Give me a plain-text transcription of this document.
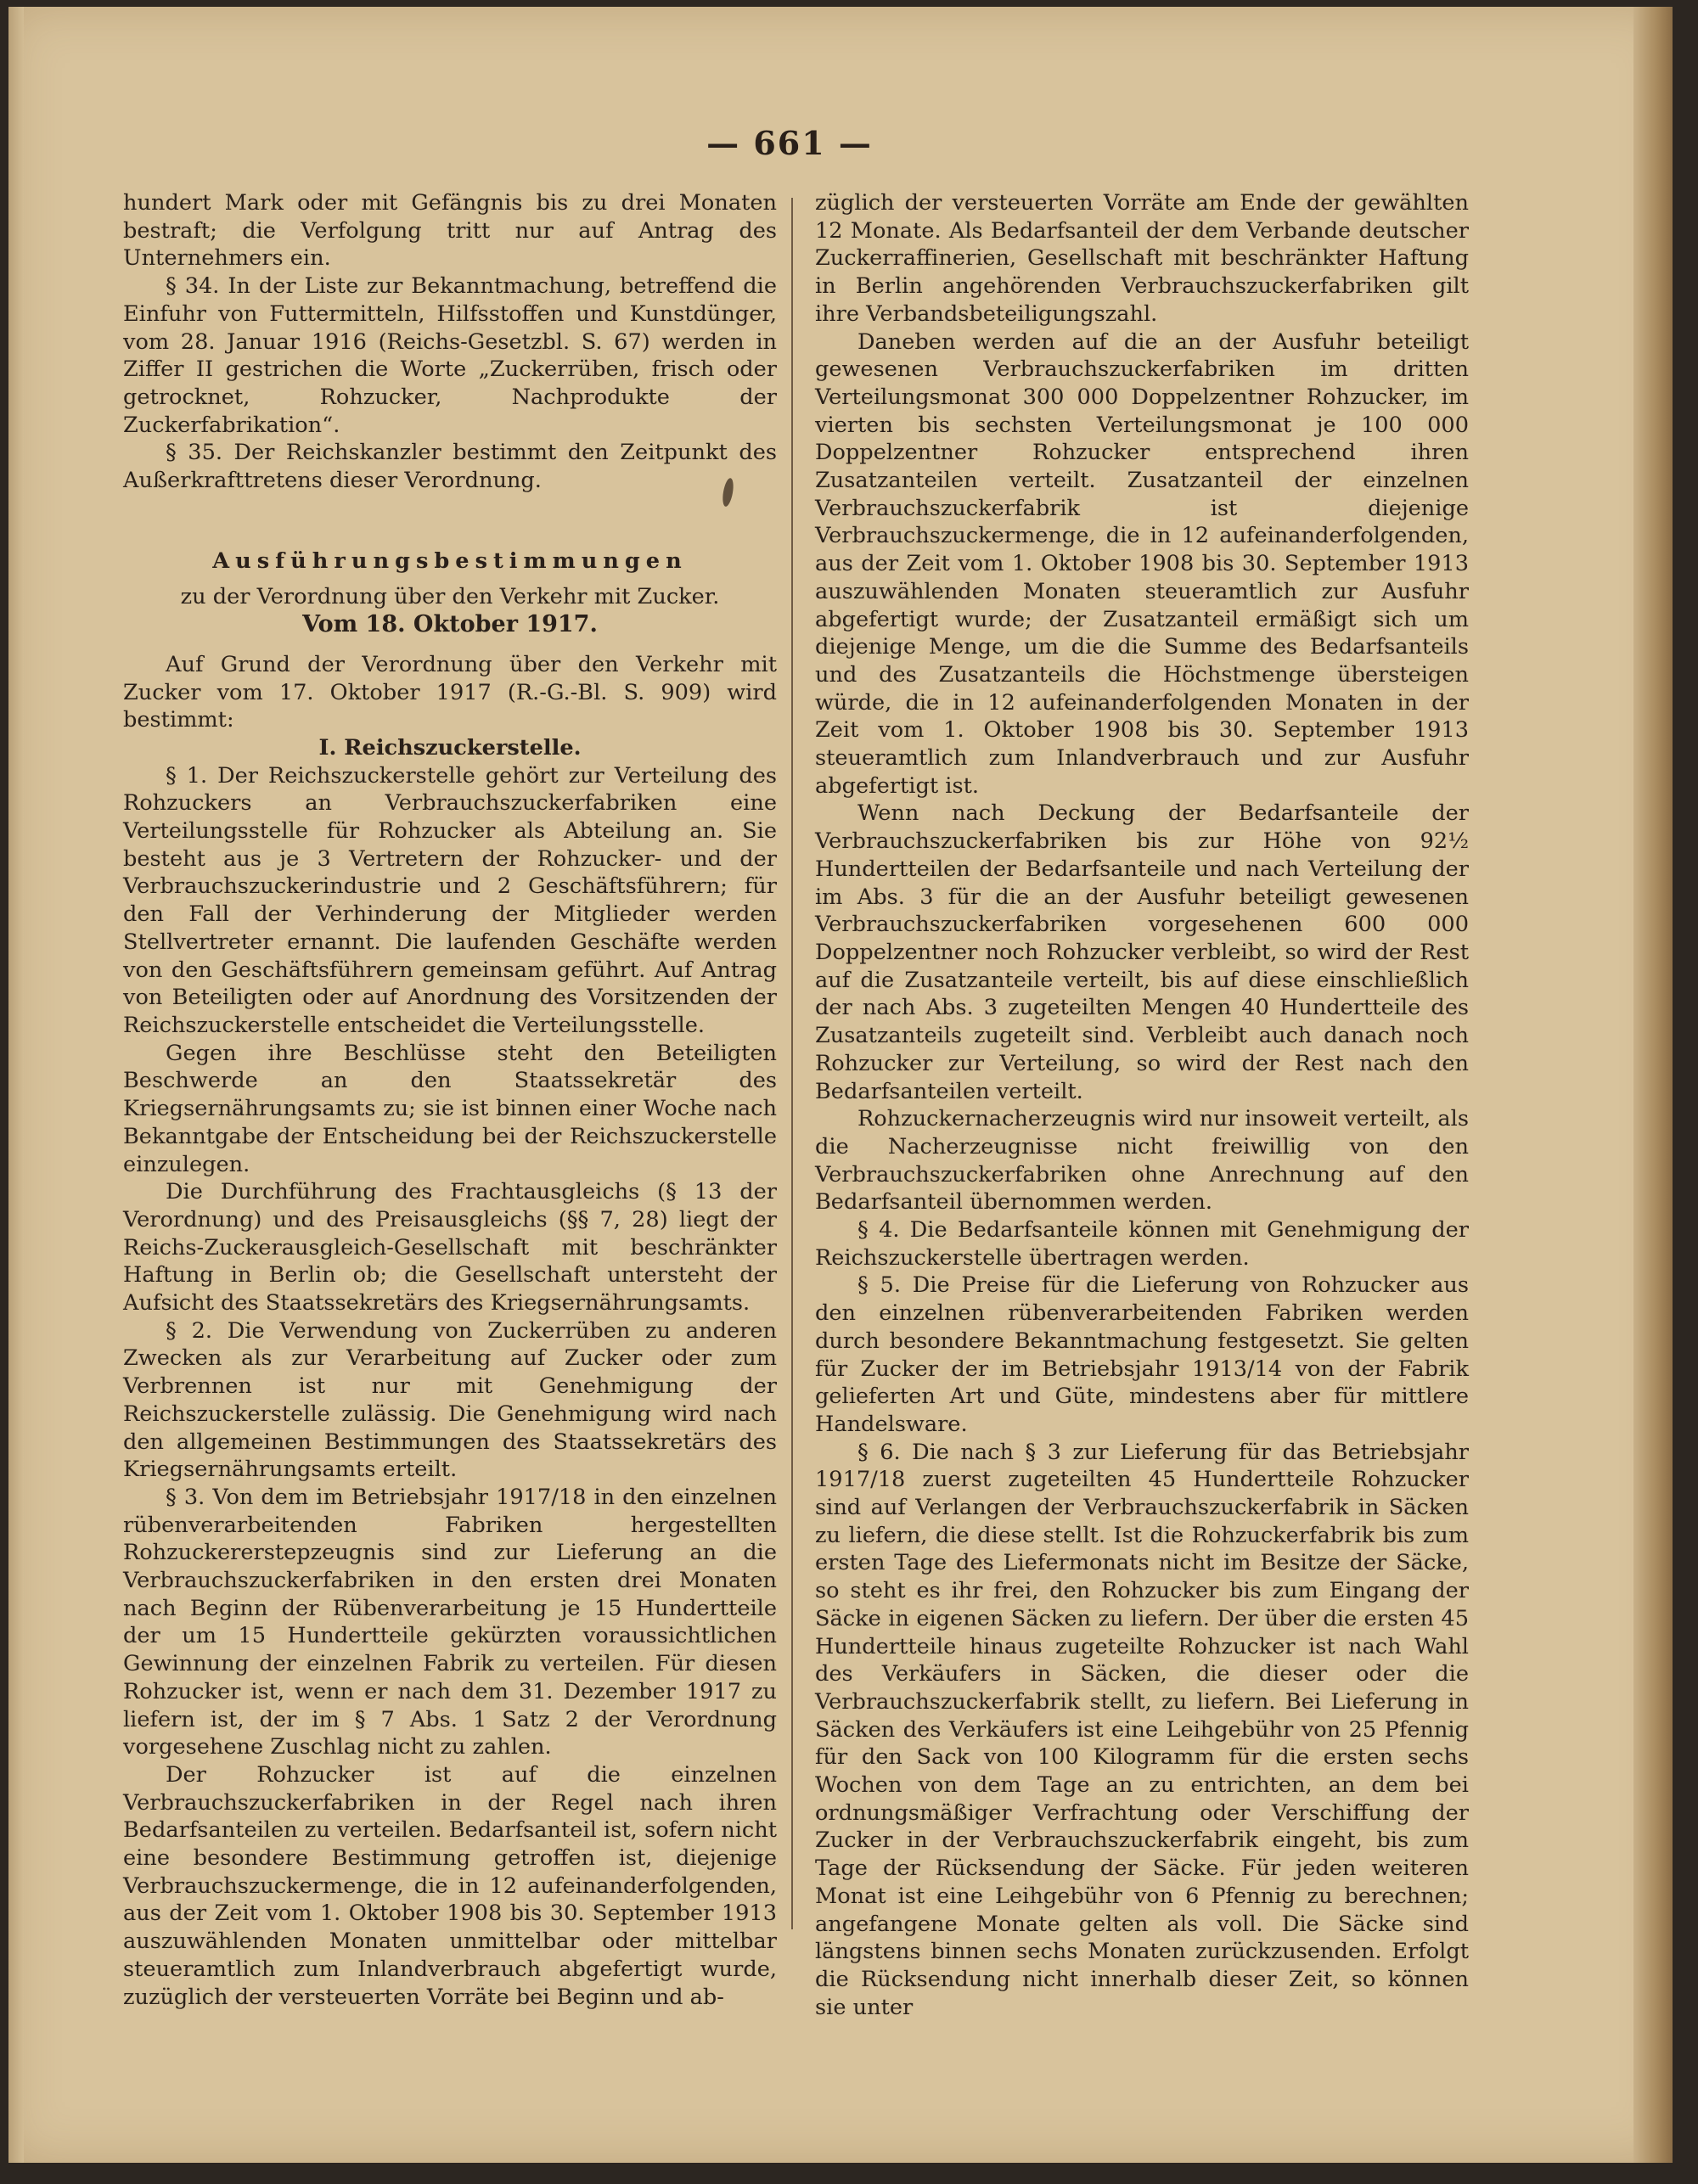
— 661 —

hundert Mark oder mit Gefängnis bis zu drei Monaten bestraft; die Verfolgung tritt nur auf Antrag des Unternehmers ein.

§ 34. In der Liste zur Bekanntmachung, betreffend die Einfuhr von Futtermitteln, Hilfsstoffen und Kunstdünger, vom 28. Januar 1916 (Reichs-Gesetzbl. S. 67) werden in Ziffer II gestrichen die Worte „Zuckerrüben, frisch oder getrocknet, Rohzucker, Nachprodukte der Zuckerfabrikation“.

§ 35. Der Reichskanzler bestimmt den Zeitpunkt des Außerkrafttretens dieser Verordnung.

Ausführungsbestimmungen

zu der Verordnung über den Verkehr mit Zucker.

Vom 18. Oktober 1917.

Auf Grund der Verordnung über den Verkehr mit Zucker vom 17. Oktober 1917 (R.-G.-Bl. S. 909) wird bestimmt:

I. Reichszuckerstelle.

§ 1. Der Reichszuckerstelle gehört zur Verteilung des Rohzuckers an Verbrauchszuckerfabriken eine Verteilungsstelle für Rohzucker als Abteilung an. Sie besteht aus je 3 Vertretern der Rohzucker- und der Verbrauchszuckerindustrie und 2 Geschäftsführern; für den Fall der Verhinderung der Mitglieder werden Stellvertreter ernannt. Die laufenden Geschäfte werden von den Geschäftsführern gemeinsam geführt. Auf Antrag von Beteiligten oder auf Anordnung des Vorsitzenden der Reichszuckerstelle entscheidet die Verteilungsstelle.

Gegen ihre Beschlüsse steht den Beteiligten Beschwerde an den Staatssekretär des Kriegsernährungsamts zu; sie ist binnen einer Woche nach Bekanntgabe der Entscheidung bei der Reichszuckerstelle einzulegen.

Die Durchführung des Frachtausgleichs (§ 13 der Verordnung) und des Preisausgleichs (§§ 7, 28) liegt der Reichs-Zuckerausgleich-Gesellschaft mit beschränkter Haftung in Berlin ob; die Gesellschaft untersteht der Aufsicht des Staatssekretärs des Kriegsernährungsamts.

§ 2. Die Verwendung von Zuckerrüben zu anderen Zwecken als zur Verarbeitung auf Zucker oder zum Verbrennen ist nur mit Genehmigung der Reichszuckerstelle zulässig. Die Genehmigung wird nach den allgemeinen Bestimmungen des Staatssekretärs des Kriegsernährungsamts erteilt.

§ 3. Von dem im Betriebsjahr 1917/18 in den einzelnen rübenverarbeitenden Fabriken hergestellten Rohzuckererstерzeugnis sind zur Lieferung an die Verbrauchszuckerfabriken in den ersten drei Monaten nach Beginn der Rübenverarbeitung je 15 Hundertteile der um 15 Hundertteile gekürzten voraussichtlichen Gewinnung der einzelnen Fabrik zu verteilen. Für diesen Rohzucker ist, wenn er nach dem 31. Dezember 1917 zu liefern ist, der im § 7 Abs. 1 Satz 2 der Verordnung vorgesehene Zuschlag nicht zu zahlen.

Der Rohzucker ist auf die einzelnen Verbrauchszuckerfabriken in der Regel nach ihren Bedarfsanteilen zu verteilen. Bedarfsanteil ist, sofern nicht eine besondere Bestimmung getroffen ist, diejenige Verbrauchszuckermenge, die in 12 aufeinanderfolgenden, aus der Zeit vom 1. Oktober 1908 bis 30. September 1913 auszuwählenden Monaten unmittelbar oder mittelbar steueramtlich zum Inlandverbrauch abgefertigt wurde, zuzüglich der versteuerten Vorräte bei Beginn und ab-

züglich der versteuerten Vorräte am Ende der gewählten 12 Monate. Als Bedarfsanteil der dem Verbande deutscher Zuckerraffinerien, Gesellschaft mit beschränkter Haftung in Berlin angehörenden Verbrauchszuckerfabriken gilt ihre Verbandsbeteiligungszahl.

Daneben werden auf die an der Ausfuhr beteiligt gewesenen Verbrauchszuckerfabriken im dritten Verteilungsmonat 300 000 Doppelzentner Rohzucker, im vierten bis sechsten Verteilungsmonat je 100 000 Doppelzentner Rohzucker entsprechend ihren Zusatzanteilen verteilt. Zusatzanteil der einzelnen Verbrauchszuckerfabrik ist diejenige Verbrauchszuckermenge, die in 12 aufeinanderfolgenden, aus der Zeit vom 1. Oktober 1908 bis 30. September 1913 auszuwählenden Monaten steueramtlich zur Ausfuhr abgefertigt wurde; der Zusatzanteil ermäßigt sich um diejenige Menge, um die die Summe des Bedarfsanteils und des Zusatzanteils die Höchstmenge übersteigen würde, die in 12 aufeinanderfolgenden Monaten in der Zeit vom 1. Oktober 1908 bis 30. September 1913 steueramtlich zum Inlandverbrauch und zur Ausfuhr abgefertigt ist.

Wenn nach Deckung der Bedarfsanteile der Verbrauchszuckerfabriken bis zur Höhe von 92½ Hundertteilen der Bedarfsanteile und nach Verteilung der im Abs. 3 für die an der Ausfuhr beteiligt gewesenen Verbrauchszuckerfabriken vorgesehenen 600 000 Doppelzentner noch Rohzucker verbleibt, so wird der Rest auf die Zusatzanteile verteilt, bis auf diese einschließlich der nach Abs. 3 zugeteilten Mengen 40 Hundertteile des Zusatzanteils zugeteilt sind. Verbleibt auch danach noch Rohzucker zur Verteilung, so wird der Rest nach den Bedarfsanteilen verteilt.

Rohzuckernacherzeugnis wird nur insoweit verteilt, als die Nacherzeugnisse nicht freiwillig von den Verbrauchszuckerfabriken ohne Anrechnung auf den Bedarfsanteil übernommen werden.

§ 4. Die Bedarfsanteile können mit Genehmigung der Reichszuckerstelle übertragen werden.

§ 5. Die Preise für die Lieferung von Rohzucker aus den einzelnen rübenverarbeitenden Fabriken werden durch besondere Bekanntmachung festgesetzt. Sie gelten für Zucker der im Betriebsjahr 1913/14 von der Fabrik gelieferten Art und Güte, mindestens aber für mittlere Handelsware.

§ 6. Die nach § 3 zur Lieferung für das Betriebsjahr 1917/18 zuerst zugeteilten 45 Hundertteile Rohzucker sind auf Verlangen der Verbrauchszuckerfabrik in Säcken zu liefern, die diese stellt. Ist die Rohzuckerfabrik bis zum ersten Tage des Liefermonats nicht im Besitze der Säcke, so steht es ihr frei, den Rohzucker bis zum Eingang der Säcke in eigenen Säcken zu liefern. Der über die ersten 45 Hundertteile hinaus zugeteilte Rohzucker ist nach Wahl des Verkäufers in Säcken, die dieser oder die Verbrauchszuckerfabrik stellt, zu liefern. Bei Lieferung in Säcken des Verkäufers ist eine Leihgebühr von 25 Pfennig für den Sack von 100 Kilogramm für die ersten sechs Wochen von dem Tage an zu entrichten, an dem bei ordnungsmäßiger Verfrachtung oder Verschiffung der Zucker in der Verbrauchszuckerfabrik eingeht, bis zum Tage der Rücksendung der Säcke. Für jeden weiteren Monat ist eine Leihgebühr von 6 Pfennig zu berechnen; angefangene Monate gelten als voll. Die Säcke sind längstens binnen sechs Monaten zurückzusenden. Erfolgt die Rücksendung nicht innerhalb dieser Zeit, so können sie unter
